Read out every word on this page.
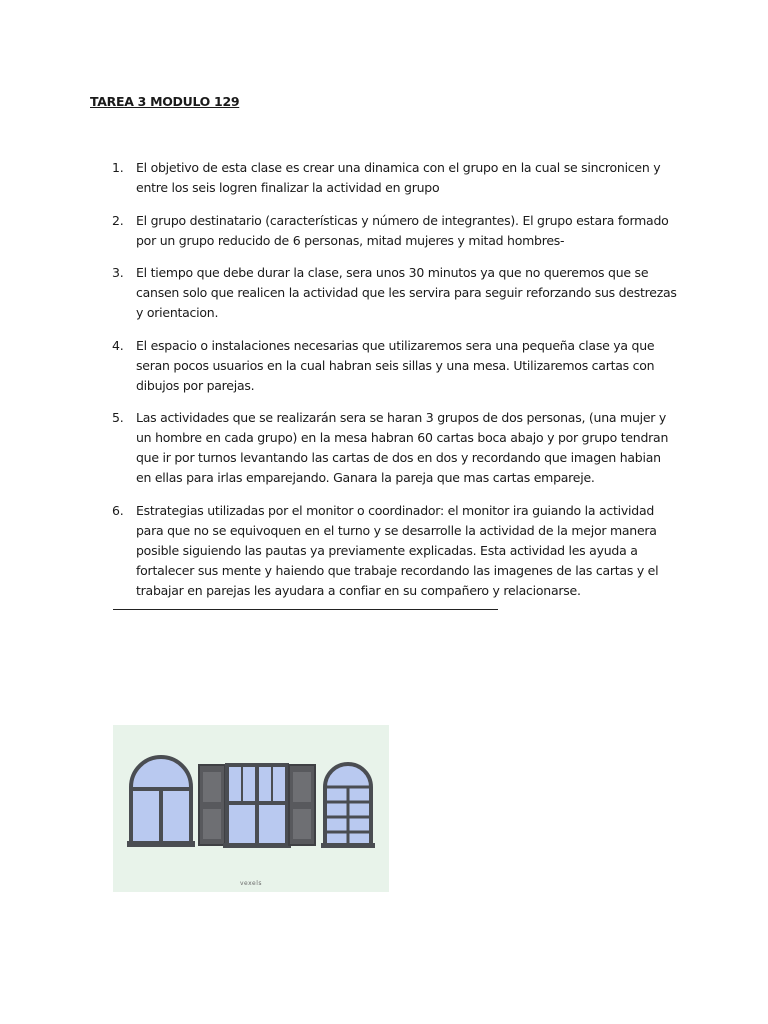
TAREA 3 MODULO 129
1. El objetivo de esta clase es crear una dinamica con el grupo en la cual se sincronicen y entre los seis logren finalizar la actividad en grupo
2. El grupo destinatario (características y número de integrantes). El grupo estara formado por un grupo reducido de 6 personas, mitad mujeres y mitad hombres-
3. El tiempo que debe durar la clase, sera unos 30 minutos ya que no queremos que se cansen solo que realicen la actividad que les servira para seguir reforzando sus destrezas y orientacion.
4. El espacio o instalaciones necesarias que utilizaremos sera una pequeña clase ya que seran pocos usuarios en la cual habran seis sillas y una mesa. Utilizaremos cartas con dibujos por parejas.
5. Las actividades que se realizarán sera se haran 3 grupos de dos personas, (una mujer y un hombre en cada grupo) en la mesa habran 60 cartas boca abajo y por grupo tendran que ir por turnos levantando las cartas de dos en dos y recordando que imagen habian en ellas para irlas emparejando. Ganara la pareja que mas cartas empareje.
6. Estrategias utilizadas por el monitor o coordinador: el monitor ira guiando la actividad para que no se equivoquen en el turno y se desarrolle la actividad de la mejor manera posible siguiendo las pautas ya previamente explicadas. Esta actividad les ayuda a fortalecer sus mente y haiendo que trabaje recordando las imagenes de las cartas y el trabajar en parejas les ayudara a confiar en su compañero y relacionarse.
vexels
